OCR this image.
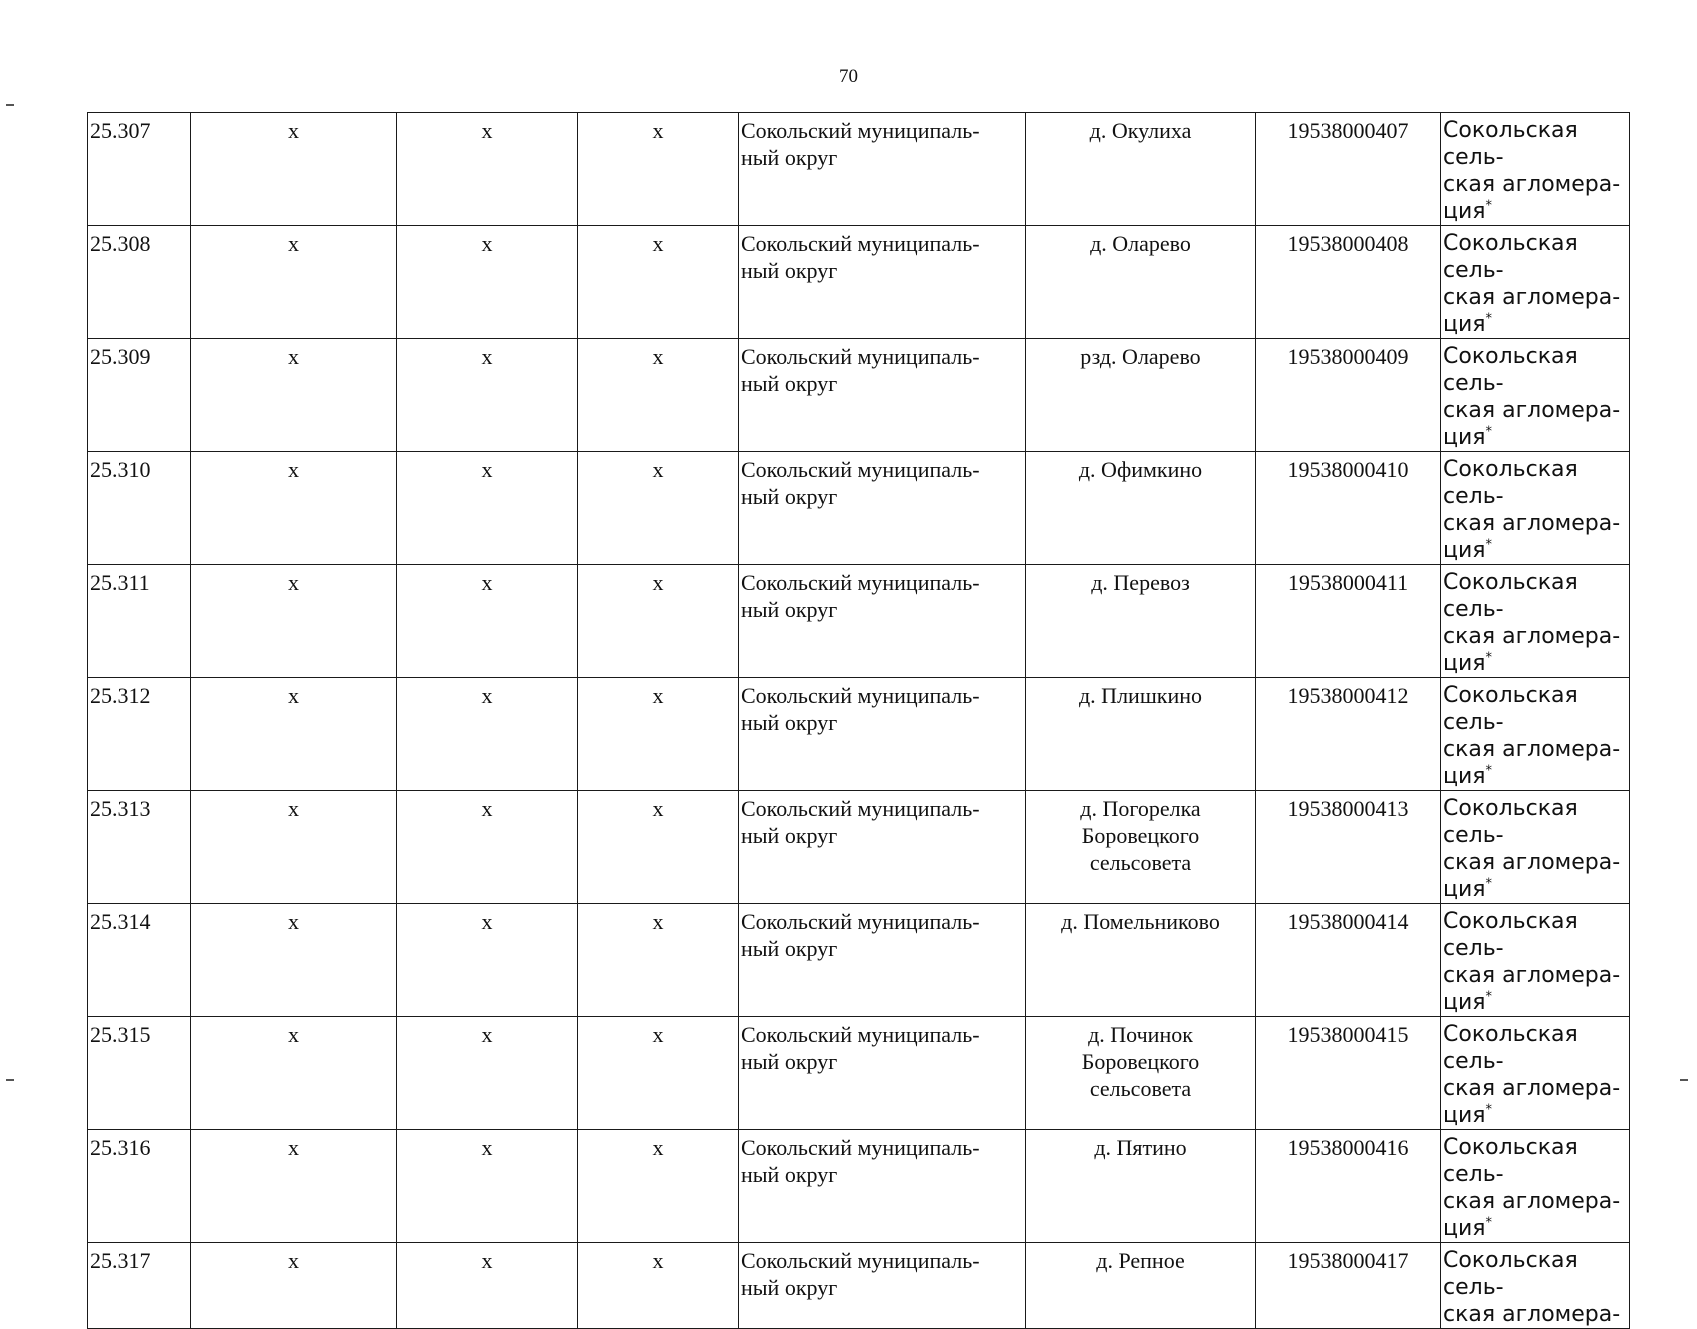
70
25.307	х	х	х	Сокольский муниципаль-
ный округ	д. Окулиха	19538000407	Сокольская сель-
ская агломера-
ция*
25.308	х	х	х	Сокольский муниципаль-
ный округ	д. Оларево	19538000408	Сокольская сель-
ская агломера-
ция*
25.309	х	х	х	Сокольский муниципаль-
ный округ	рзд. Оларево	19538000409	Сокольская сель-
ская агломера-
ция*
25.310	х	х	х	Сокольский муниципаль-
ный округ	д. Офимкино	19538000410	Сокольская сель-
ская агломера-
ция*
25.311	х	х	х	Сокольский муниципаль-
ный округ	д. Перевоз	19538000411	Сокольская сель-
ская агломера-
ция*
25.312	х	х	х	Сокольский муниципаль-
ный округ	д. Плишкино	19538000412	Сокольская сель-
ская агломера-
ция*
25.313	х	х	х	Сокольский муниципаль-
ный округ	д. Погорелка
Боровецкого
сельсовета	19538000413	Сокольская сель-
ская агломера-
ция*
25.314	х	х	х	Сокольский муниципаль-
ный округ	д. Помельниково	19538000414	Сокольская сель-
ская агломера-
ция*
25.315	х	х	х	Сокольский муниципаль-
ный округ	д. Починок
Боровецкого
сельсовета	19538000415	Сокольская сель-
ская агломера-
ция*
25.316	х	х	х	Сокольский муниципаль-
ный округ	д. Пятино	19538000416	Сокольская сель-
ская агломера-
ция*
25.317	х	х	х	Сокольский муниципаль-
ный округ	д. Репное	19538000417	Сокольская сель-
ская агломера-
